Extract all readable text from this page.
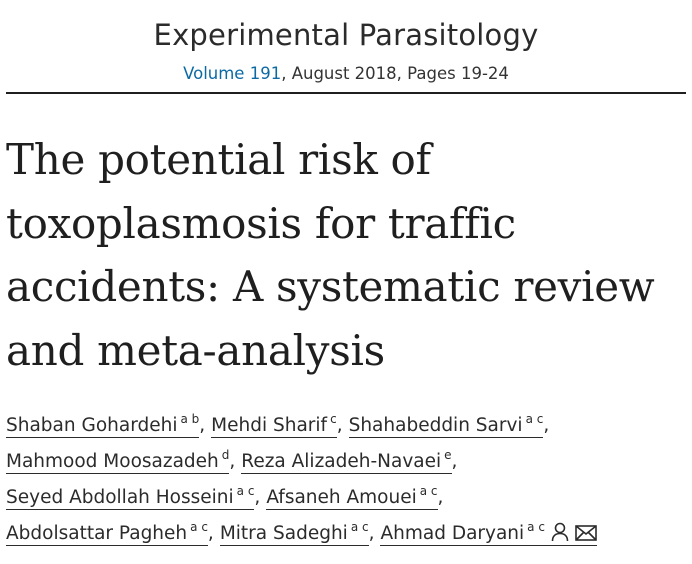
Experimental Parasitology
Volume 191, August 2018, Pages 19-24
The potential risk of
toxoplasmosis for traffic
accidents: A systematic review
and meta-analysis
Shaban Gohardehi $^{a b}$, Mehdi Sharif $^c$, Shahabeddin Sarvi $^{a c}$,
Mahmood Moosazadeh $^d$, Reza Alizadeh-Navaei $^e$,
Seyed Abdollah Hosseini $^{a c}$, Afsaneh Amouei $^{a c}$,
Abdolsattar Pagheh $^{a c}$, Mitra Sadeghi $^{a c}$, Ahmad Daryani $^{a c}$
